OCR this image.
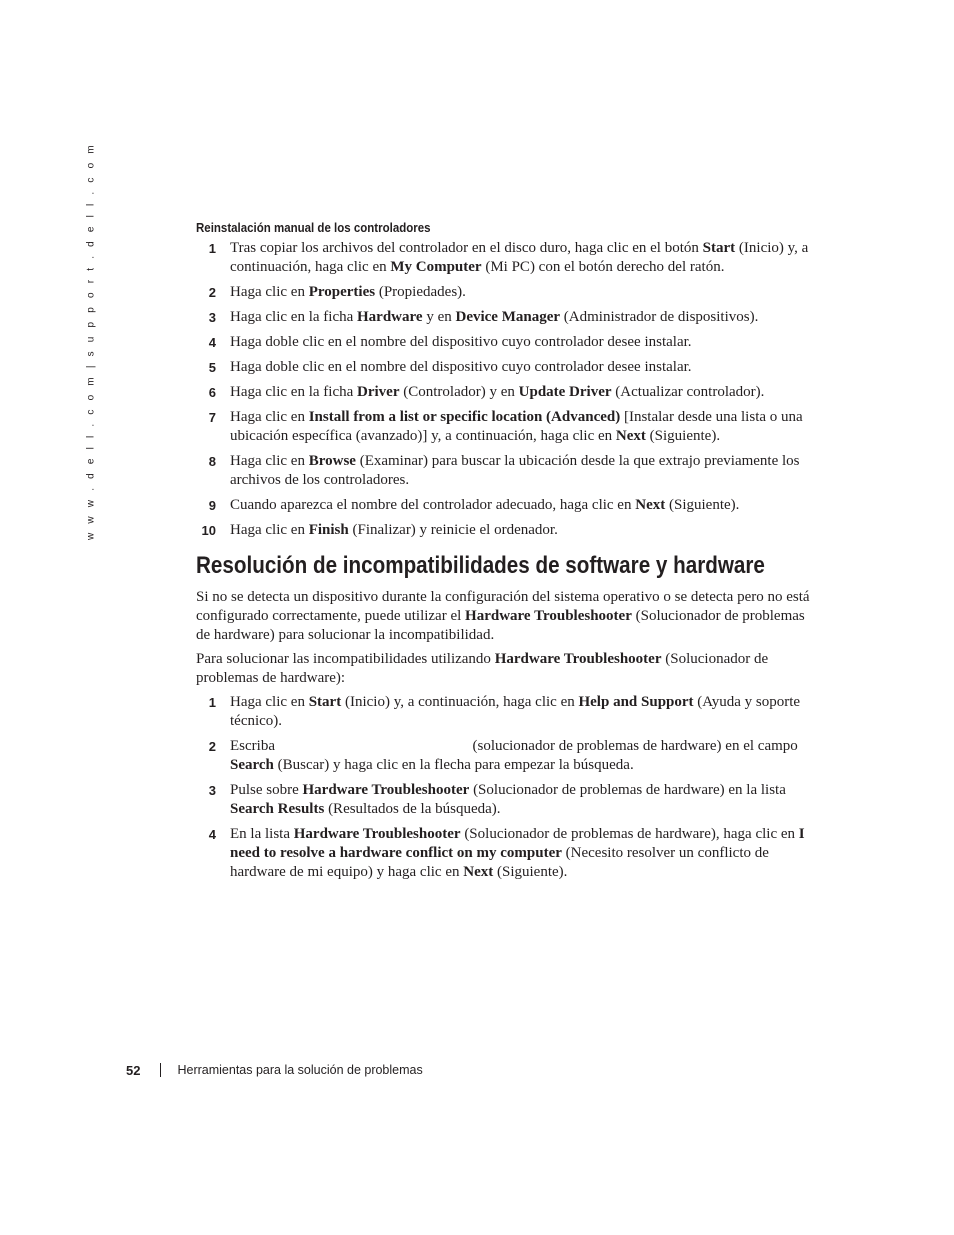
w w w . d e l l . c o m | s u p p o r t . d e l l . c o m	Reinstalación manual de los controladores
1 Tras copiar los archivos del controlador en el disco duro, haga clic en el botón Start (Inicio) y, a continuación, haga clic en My Computer (Mi PC) con el botón derecho del ratón.
2 Haga clic en Properties (Propiedades).
3 Haga clic en la ficha Hardware y en Device Manager (Administrador de dispositivos).
4 Haga doble clic en el nombre del dispositivo cuyo controlador desee instalar.
5 Haga doble clic en el nombre del dispositivo cuyo controlador desee instalar.
6 Haga clic en la ficha Driver (Controlador) y en Update Driver (Actualizar controlador).
7 Haga clic en Install from a list or specific location (Advanced) [Instalar desde una lista o una ubicación específica (avanzado)] y, a continuación, haga clic en Next (Siguiente).
8 Haga clic en Browse (Examinar) para buscar la ubicación desde la que extrajo previamente los archivos de los controladores.
9 Cuando aparezca el nombre del controlador adecuado, haga clic en Next (Siguiente).
10 Haga clic en Finish (Finalizar) y reinicie el ordenador.
Resolución de incompatibilidades de software y hardware

Si no se detecta un dispositivo durante la configuración del sistema operativo o se detecta pero no está configurado correctamente, puede utilizar el Hardware Troubleshooter (Solucionador de problemas de hardware) para solucionar la incompatibilidad.

Para solucionar las incompatibilidades utilizando Hardware Troubleshooter (Solucionador de problemas de hardware):

1 Haga clic en Start (Inicio) y, a continuación, haga clic en Help and Support (Ayuda y soporte técnico).
2 Escriba	(solucionador de problemas de hardware) en el campo Search (Buscar) y haga clic en la flecha para empezar la búsqueda.
3 Pulse sobre Hardware Troubleshooter (Solucionador de problemas de hardware) en la lista Search Results (Resultados de la búsqueda).
4 En la lista Hardware Troubleshooter (Solucionador de problemas de hardware), haga clic en I need to resolve a hardware conflict on my computer (Necesito resolver un conflicto de hardware de mi equipo) y haga clic en Next (Siguiente).
52	Herramientas para la solución de problemas
